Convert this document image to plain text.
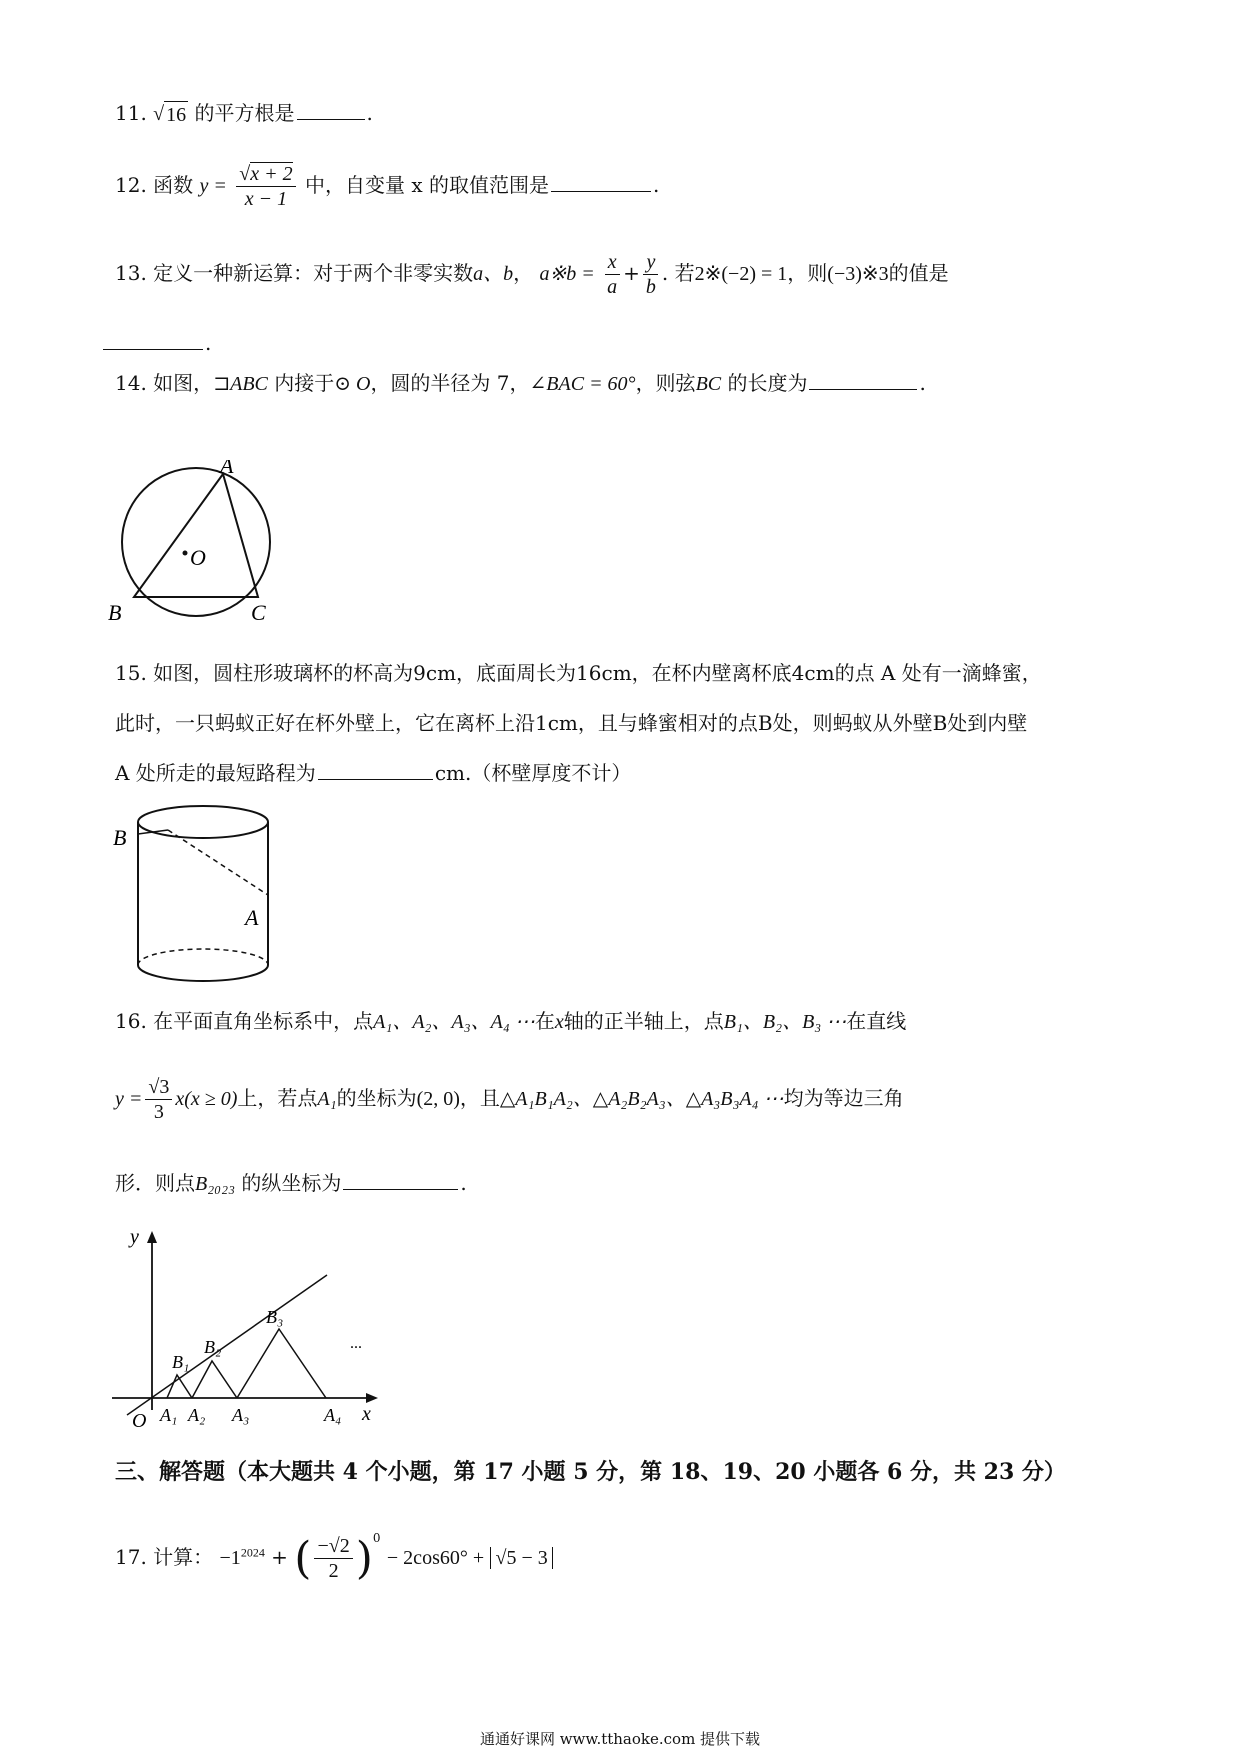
11. √ 16 的平方根是	.
12. 函数 $y = \frac{√x + 2}{x - 1}$ 中，自变量 x 的取值范围是	.
13. 定义一种新运算：对于两个非零实数a、b， a※b = $\frac{x}{a} + \frac{y}{b}$ . 若2※(−2) = 1，则(−3)※3的值是
.
14. 如图，⊐ABC 内接于⊙ O，圆的半径为 7，∠BAC = 60°，则弦BC 的长度为	.
A
B	C
O
15. 如图，圆柱形玻璃杯的杯高为9cm，底面周长为16cm，在杯内壁离杯底4cm的点 A 处有一滴蜂蜜，
此时，一只蚂蚁正好在杯外壁上，它在离杯上沿1cm，且与蜂蜜相对的点B处，则蚂蚁从外壁B处到内壁
A 处所走的最短路程为	cm.（杯壁厚度不计）
B
A
16. 在平面直角坐标系中，点A₁、A₂、A₃、A₄ ⋯在x轴的正半轴上，点B₁、B₂、B₃ ⋯在直线
$y = \frac{√3}{3} x(x \ge 0)$上，若点A₁的坐标为(2, 0)，且△A₁B₁A₂、△A₂B₂A₃、△A₃B₃A₄ ⋯均为等边三角
形．则点B₂₀₂₃ 的纵坐标为	.
y
x
O A₁ A₂ A₃	A₄
B₁
B₂
B₃
...
三、解答题（本大题共 4 个小题，第 17 小题 5 分，第 18、19、20 小题各 6 分，共 23 分）
17. 计算： $-1^{2024}$ + ( $\frac{-√2}{2} )^0 - 2\cos 60^\circ + √5 - 3$
通通好课网 www.tthaoke.com 提供下载
